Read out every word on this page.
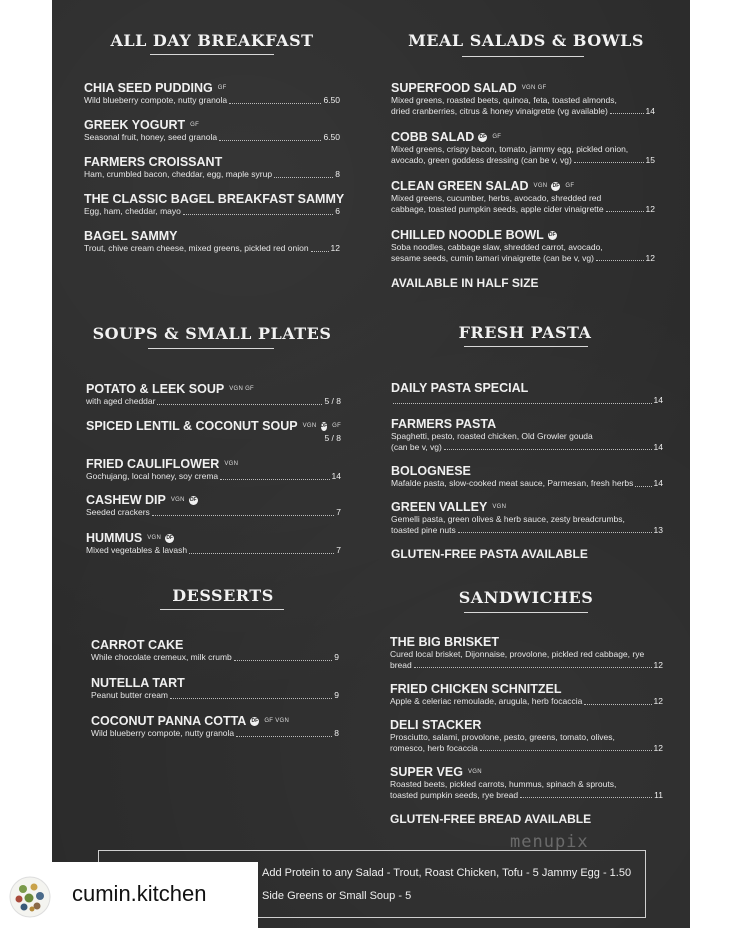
ALL DAY BREAKFAST
CHIA SEED PUDDING GF
Wild blueberry compote, nutty granola	6.50
GREEK YOGURT GF
Seasonal fruit, honey, seed granola	6.50
FARMERS CROISSANT
Ham, crumbled bacon, cheddar, egg, maple syrup	8
THE CLASSIC BAGEL BREAKFAST SAMMY
Egg, ham, cheddar, mayo	6
BAGEL SAMMY
Trout, chive cream cheese, mixed greens, pickled red onion	12
MEAL SALADS & BOWLS
SUPERFOOD SALAD VGN GF
Mixed greens, roasted beets, quinoa, feta, toasted almonds,
dried cranberries, citrus & honey vinaigrette (vg available)	14
COBB SALAD DF GF
Mixed greens, crispy bacon, tomato, jammy egg, pickled onion,
avocado, green goddess dressing (can be v, vg)	15
CLEAN GREEN SALAD VGN DF GF
Mixed greens, cucumber, herbs, avocado, shredded red
cabbage, toasted pumpkin seeds, apple cider vinaigrette	12
CHILLED NOODLE BOWL DF
Soba noodles, cabbage slaw, shredded carrot, avocado,
sesame seeds, cumin tamari vinaigrette (can be v, vg)	12
AVAILABLE IN HALF SIZE
SOUPS & SMALL PLATES
POTATO & LEEK SOUP VGN GF
with aged cheddar	5 / 8
SPICED LENTIL & COCONUT SOUP VGN DF GF
5 / 8
FRIED CAULIFLOWER VGN
Gochujang, local honey, soy crema	14
CASHEW DIP VGN DF
Seeded crackers	7
HUMMUS VGN DF
Mixed vegetables & lavash	7
FRESH PASTA
DAILY PASTA SPECIAL
14
FARMERS PASTA
Spaghetti, pesto, roasted chicken, Old Growler gouda
(can be v, vg)	14
BOLOGNESE
Mafalde pasta, slow-cooked meat sauce, Parmesan, fresh herbs 14
GREEN VALLEY VGN
Gemelli pasta, green olives & herb sauce, zesty breadcrumbs,
toasted pine nuts	13
GLUTEN-FREE PASTA AVAILABLE
DESSERTS
CARROT CAKE
While chocolate cremeux, milk crumb	9
NUTELLA TART
Peanut butter cream	9
COCONUT PANNA COTTA DF GF VGN
Wild blueberry compote, nutty granola	8
SANDWICHES
THE BIG BRISKET
Cured local brisket, Dijonnaise, provolone, pickled red cabbage, rye
bread	12
FRIED CHICKEN SCHNITZEL
Apple & celeriac remoulade, arugula, herb focaccia	12
DELI STACKER
Prosciutto, salami, provolone, pesto, greens, tomato, olives,
romesco, herb focaccia	12
SUPER VEG VGN
Roasted beets, pickled carrots, hummus, spinach & sprouts,
toasted pumpkin seeds, rye bread	11
GLUTEN-FREE BREAD AVAILABLE
menupix
Add Protein to any Salad - Trout, Roast Chicken, Tofu - 5 Jammy Egg - 1.50
Side Greens or Small Soup - 5
cumin.kitchen
